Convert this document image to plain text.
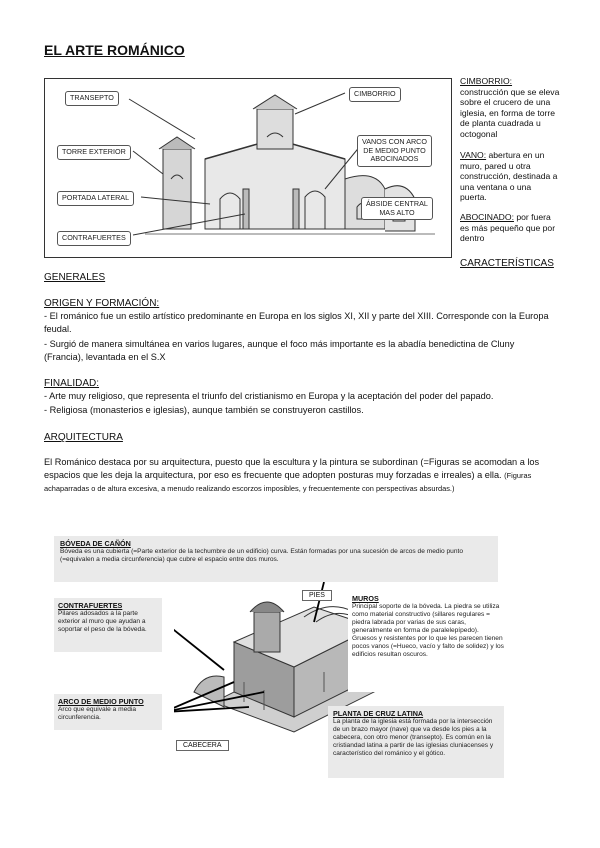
EL ARTE ROMÁNICO
TRANSEPTO	CIMBORRIO
TORRE EXTERIOR
VANOS CON ARCO
DE MEDIO PUNTO
ABOCINADOS
PORTADA LATERAL
ÁBSIDE CENTRAL
MAS ALTO
CONTRAFUERTES
CIMBORRIO: construcción que se eleva sobre el crucero de una iglesia, en forma de torre de planta cuadrada u octogonal
VANO: abertura en un muro, pared u otra construcción, destinada a una ventana o una puerta.
ABOCINADO: por fuera es más pequeño que por dentro
CARACTERÍSTICAS
GENERALES
ORIGEN Y FORMACIÓN:
- El románico fue un estilo artístico predominante en Europa en los siglos XI, XII y parte del XIII. Corresponde con la Europa feudal.
- Surgió de manera simultánea en varios lugares, aunque el foco más importante es la abadía benedictina de Cluny (Francia), levantada en el S.X
FINALIDAD:
- Arte muy religioso, que representa el triunfo del cristianismo en Europa y la aceptación del poder del papado.
- Religiosa (monasterios e iglesias), aunque también se construyeron castillos.
ARQUITECTURA
El Románico destaca por su arquitectura, puesto que la escultura y la pintura se subordinan (=Figuras se acomodan a los espacios que les deja la arquitectura, por eso es frecuente que adopten posturas muy forzadas e irreales) a ella. (Figuras achaparradas o de altura excesiva, a menudo realizando escorzos imposibles, y frecuentemente con perspectivas absurdas.)
BÓVEDA DE CAÑÓN
Bóveda es una cubierta (=Parte exterior de la techumbre de un edificio) curva. Están formadas por una sucesión de arcos de medio punto (=equivalen a media circunferencia) que cubre el espacio entre dos muros.
PIES
CABECERA
CONTRAFUERTES
Pilares adosados a la parte exterior al muro que ayudan a soportar el peso de la bóveda.
ARCO DE MEDIO PUNTO
Arco que equivale a media circunferencia.
MUROS
Principal soporte de la bóveda. La piedra se utiliza como material constructivo (sillares regulares = piedra labrada por varias de sus caras, generalmente en forma de paralelepípedo). Gruesos y resistentes por lo que les parecen tienen pocos vanos (=Hueco, vacío y falto de solidez) y los edificios resultan oscuros.
PLANTA DE CRUZ LATINA
La planta de la iglesia está formada por la intersección de un brazo mayor (nave) que va desde los pies a la cabecera, con otro menor (transepto). Es común en la cristiandad latina a partir de las iglesias cluniacenses y característico del románico y el gótico.
